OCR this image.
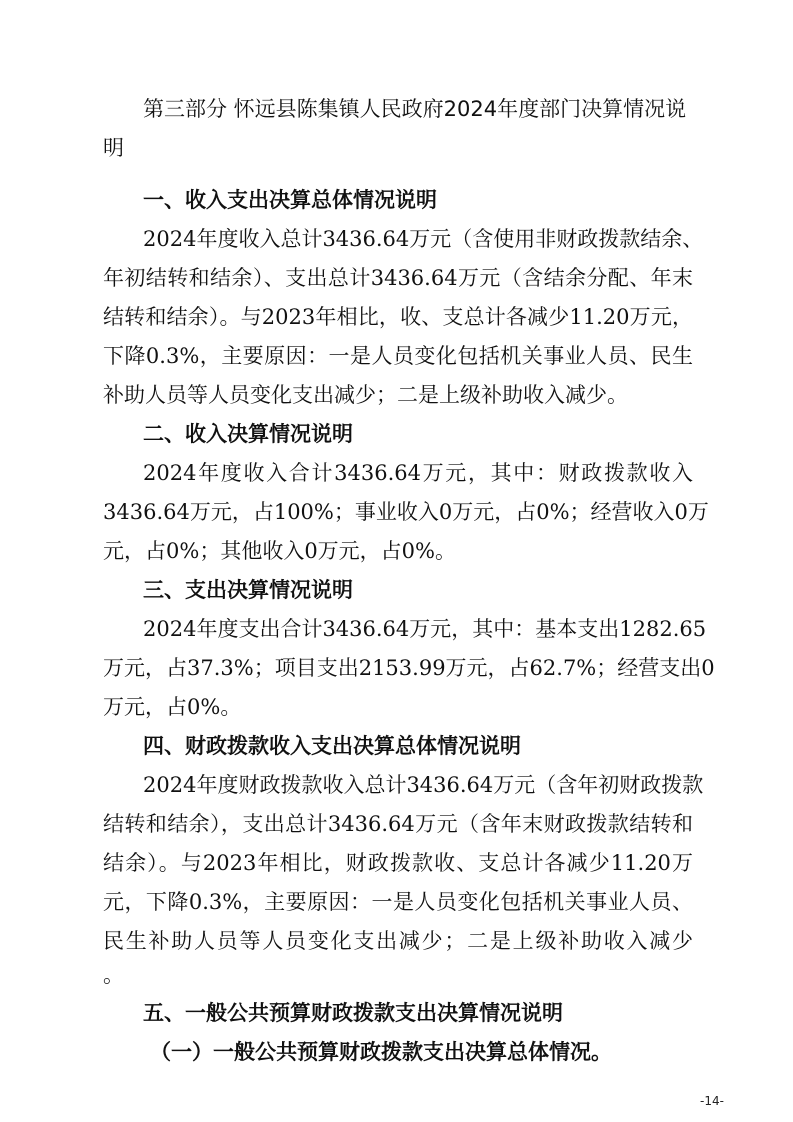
第三部分 怀远县陈集镇人民政府2024年度部门决算情况说
明
一、收入支出决算总体情况说明
2024年度收入总计3436.64万元（含使用非财政拨款结余、
年初结转和结余）、支出总计3436.64万元（含结余分配、年末
结转和结余）。与2023年相比，收、支总计各减少11.20万元，
下降0.3%，主要原因：一是人员变化包括机关事业人员、民生
补助人员等人员变化支出减少；二是上级补助收入减少。
二、收入决算情况说明
2024年度收入合计3436.64万元，其中：财政拨款收入
3436.64万元，占100%；事业收入0万元，占0%；经营收入0万
元，占0%；其他收入0万元，占0%。
三、支出决算情况说明
2024年度支出合计3436.64万元，其中：基本支出1282.65
万元，占37.3%；项目支出2153.99万元，占62.7%；经营支出0
万元，占0%。
四、财政拨款收入支出决算总体情况说明
2024年度财政拨款收入总计3436.64万元（含年初财政拨款
结转和结余），支出总计3436.64万元（含年末财政拨款结转和
结余）。与2023年相比，财政拨款收、支总计各减少11.20万
元，下降0.3%，主要原因：一是人员变化包括机关事业人员、
民生补助人员等人员变化支出减少；二是上级补助收入减少
。
五、一般公共预算财政拨款支出决算情况说明
（一）一般公共预算财政拨款支出决算总体情况。
-14-
